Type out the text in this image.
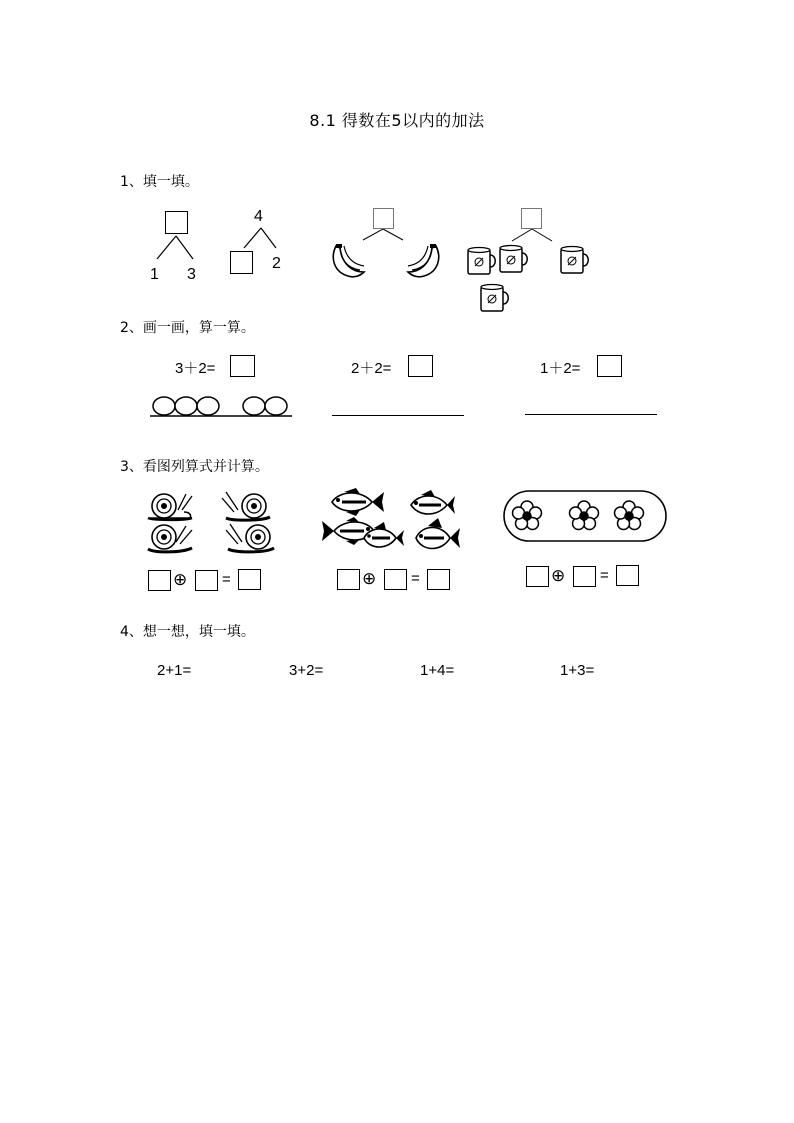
8.1 得数在5以内的加法
1、填一填。
1 3
4
2
2、画一画，算一算。
3＋2=	2＋2=	1＋2=
3、看图列算式并计算。
⊕ =	⊕ =	⊕ =
4、想一想，填一填。
2+1=	3+2=	1+4=	1+3=
